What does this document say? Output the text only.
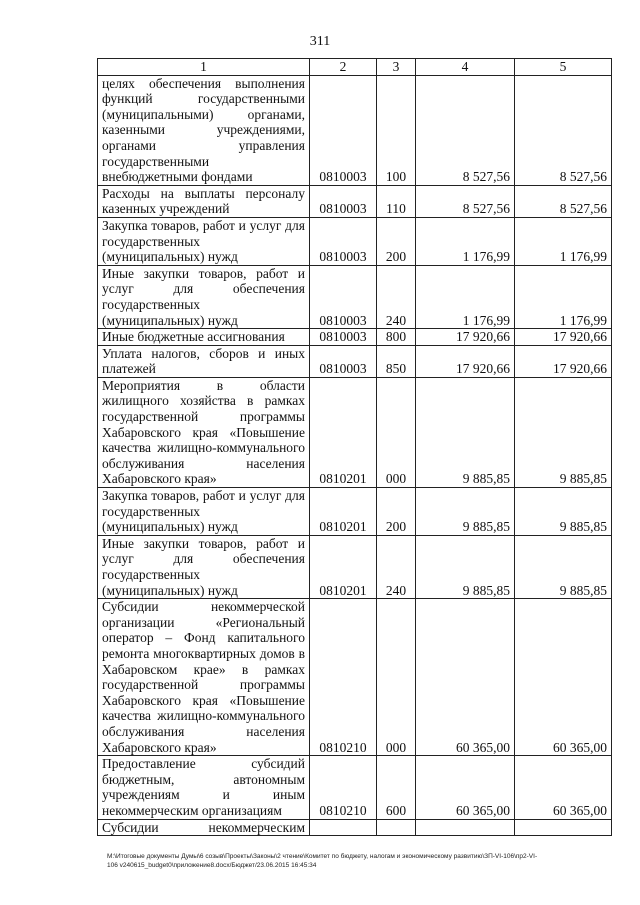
311
1	2	3	4	5
целях обеспечения выполнения функций государственными (муниципальными) органами, казенными учреждениями, органами управления государственными внебюджетными фондами	0810003	100	8 527,56	8 527,56
Расходы на выплаты персоналу казенных учреждений	0810003	110	8 527,56	8 527,56
Закупка товаров, работ и услуг для государственных (муниципальных) нужд	0810003	200	1 176,99	1 176,99
Иные закупки товаров, работ и услуг для обеспечения государственных (муниципальных) нужд	0810003	240	1 176,99	1 176,99
Иные бюджетные ассигнования	0810003	800	17 920,66	17 920,66
Уплата налогов, сборов и иных платежей	0810003	850	17 920,66	17 920,66
Мероприятия в области жилищного хозяйства в рамках государственной программы Хабаровского края «Повышение качества жилищно-коммунального обслуживания населения Хабаровского края»	0810201	000	9 885,85	9 885,85
Закупка товаров, работ и услуг для государственных (муниципальных) нужд	0810201	200	9 885,85	9 885,85
Иные закупки товаров, работ и услуг для обеспечения государственных (муниципальных) нужд	0810201	240	9 885,85	9 885,85
Субсидии некоммерческой организации «Региональный оператор – Фонд капитального ремонта многоквартирных домов в Хабаровском крае» в рамках государственной программы Хабаровского края «Повышение качества жилищно-коммунального обслуживания населения Хабаровского края»	0810210	000	60 365,00	60 365,00
Предоставление субсидий бюджетным, автономным учреждениям и иным некоммерческим организациям	0810210	600	60 365,00	60 365,00
Субсидии некоммерческим				
M:\Итоговые документы Думы\6 созыв\Проекты\Законы\2 чтение\Комитет по бюджету, налогам и экономическому развитию\ЗП-VI-106\пр2-VI-
106 v240615_budget0\приложение8.docx/Бюджет/23.06.2015 16:45:34
